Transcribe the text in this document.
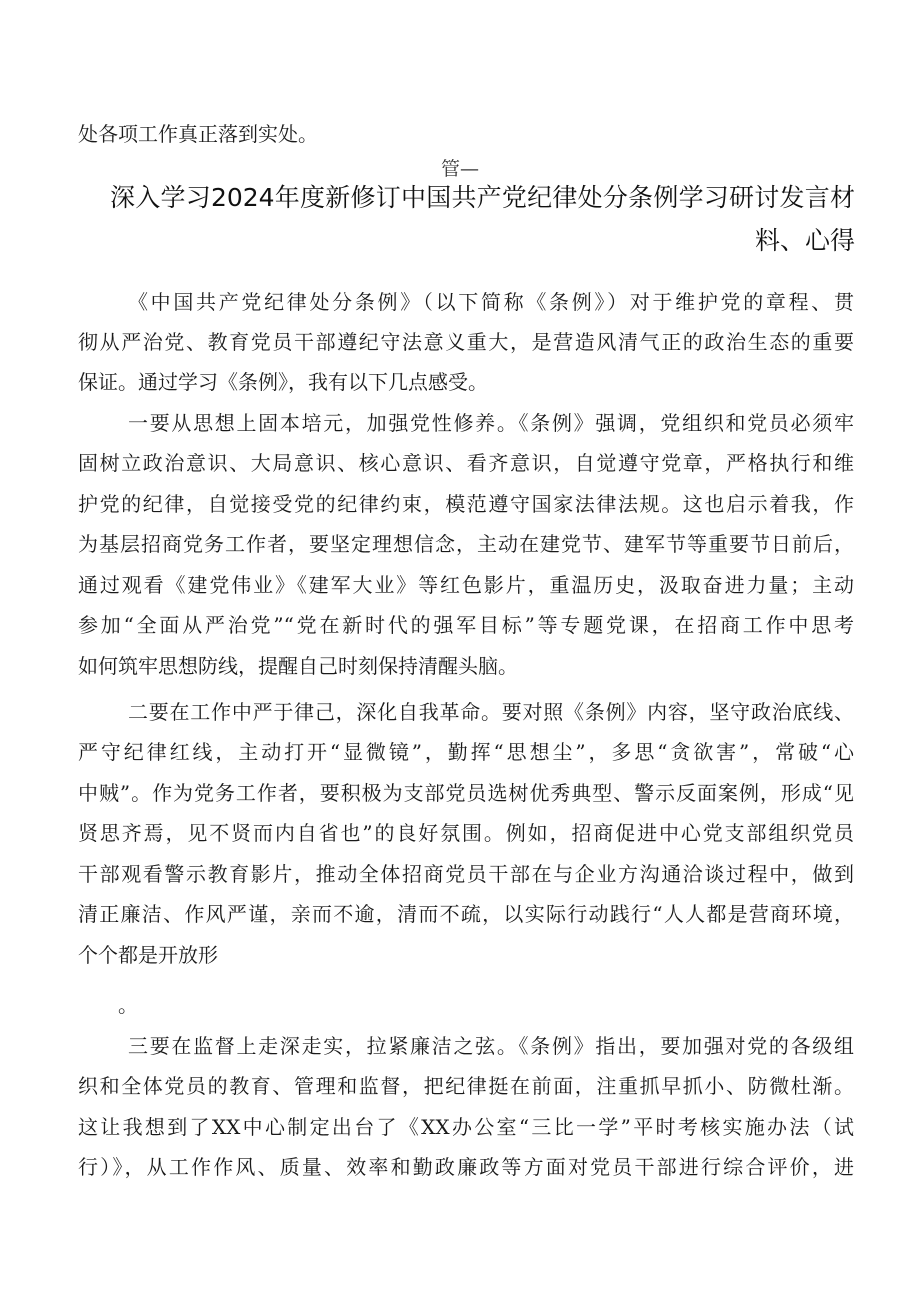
处各项工作真正落到实处。
管—
深入学习2024年度新修订中国共产党纪律处分条例学习研讨发言材
料、心得
《中国共产党纪律处分条例》（以下简称《条例》）对于维护党的章程、贯
彻从严治党、教育党员干部遵纪守法意义重大，是营造风清气正的政治生态的重要
保证。通过学习《条例》，我有以下几点感受。
一要从思想上固本培元，加强党性修养。《条例》强调，党组织和党员必须牢
固树立政治意识、大局意识、核心意识、看齐意识，自觉遵守党章，严格执行和维
护党的纪律，自觉接受党的纪律约束，模范遵守国家法律法规。这也启示着我，作
为基层招商党务工作者，要坚定理想信念，主动在建党节、建军节等重要节日前后，
通过观看《建党伟业》《建军大业》等红色影片，重温历史，汲取奋进力量；主动
参加“全面从严治党”“党在新时代的强军目标”等专题党课，在招商工作中思考
如何筑牢思想防线，提醒自己时刻保持清醒头脑。
二要在工作中严于律己，深化自我革命。要对照《条例》内容，坚守政治底线、
严守纪律红线，主动打开“显微镜”，勤挥“思想尘”，多思“贪欲害”，常破“心
中贼”。作为党务工作者，要积极为支部党员选树优秀典型、警示反面案例，形成“见
贤思齐焉，见不贤而内自省也”的良好氛围。例如，招商促进中心党支部组织党员
干部观看警示教育影片，推动全体招商党员干部在与企业方沟通洽谈过程中，做到
清正廉洁、作风严谨，亲而不逾，清而不疏，以实际行动践行“人人都是营商环境，
个个都是开放形
。
三要在监督上走深走实，拉紧廉洁之弦。《条例》指出，要加强对党的各级组
织和全体党员的教育、管理和监督，把纪律挺在前面，注重抓早抓小、防微杜渐。
这让我想到了XX中心制定出台了《XX办公室“三比一学”平时考核实施办法（试
行）》，从工作作风、质量、效率和勤政廉政等方面对党员干部进行综合评价，进
